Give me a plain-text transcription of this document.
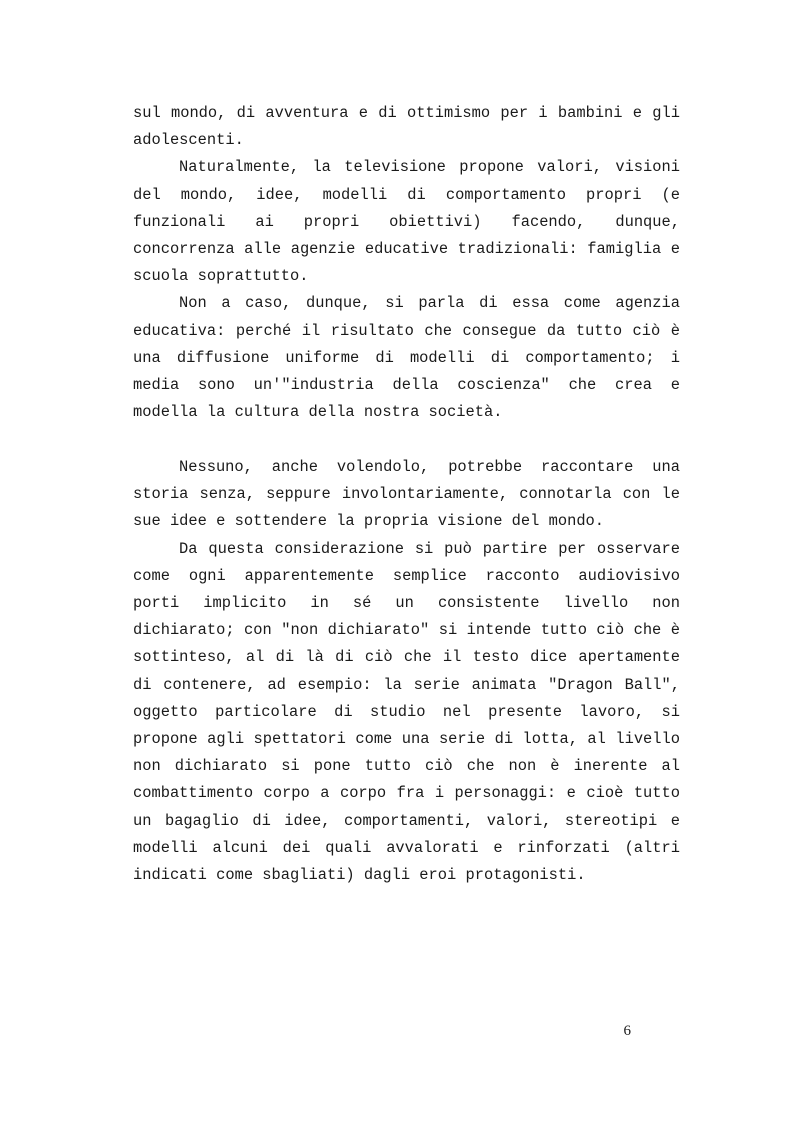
sul mondo, di avventura e di ottimismo per i bambini e gli adolescenti.

Naturalmente, la televisione propone valori, visioni del mondo, idee, modelli di comportamento propri (e funzionali ai propri obiettivi) facendo, dunque, concorrenza alle agenzie educative tradizionali: famiglia e scuola soprattutto.

Non a caso, dunque, si parla di essa come agenzia educativa: perché il risultato che consegue da tutto ciò è una diffusione uniforme di modelli di comportamento; i media sono un'"industria della coscienza" che crea e modella la cultura della nostra società.

Nessuno, anche volendolo, potrebbe raccontare una storia senza, seppure involontariamente, connotarla con le sue idee e sottendere la propria visione del mondo.

Da questa considerazione si può partire per osservare come ogni apparentemente semplice racconto audiovisivo porti implicito in sé un consistente livello non dichiarato; con "non dichiarato" si intende tutto ciò che è sottinteso, al di là di ciò che il testo dice apertamente di contenere, ad esempio: la serie animata "Dragon Ball", oggetto particolare di studio nel presente lavoro, si propone agli spettatori come una serie di lotta, al livello non dichiarato si pone tutto ciò che non è inerente al combattimento corpo a corpo fra i personaggi: e cioè tutto un bagaglio di idee, comportamenti, valori, stereotipi e modelli alcuni dei quali avvalorati e rinforzati (altri indicati come sbagliati) dagli eroi protagonisti.

6
